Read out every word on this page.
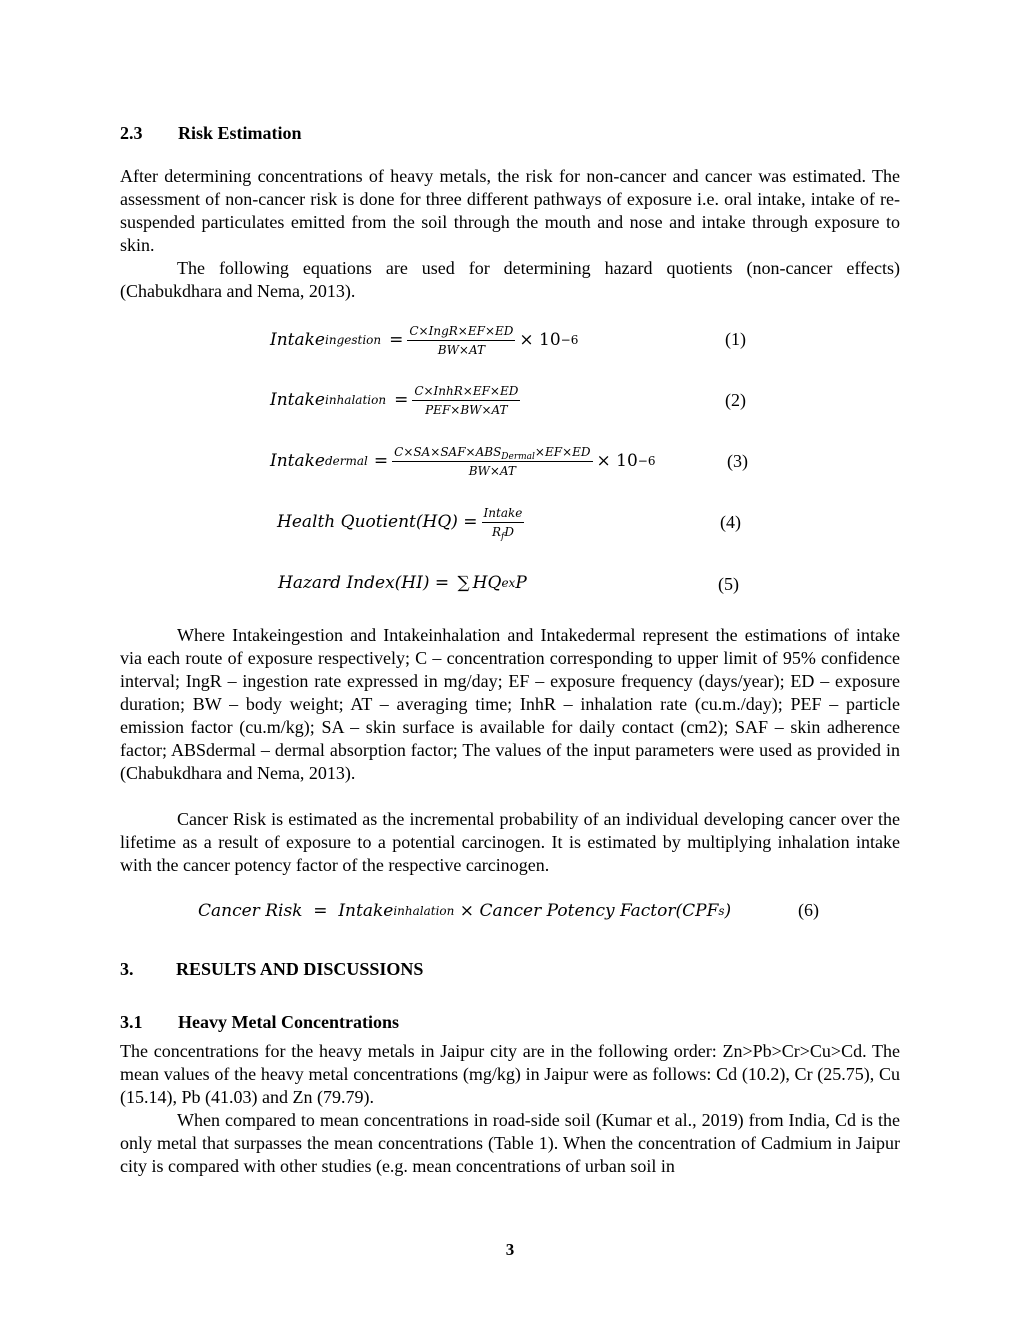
2.3 Risk Estimation

After determining concentrations of heavy metals, the risk for non-cancer and cancer was estimated. The assessment of non-cancer risk is done for three different pathways of exposure i.e. oral intake, intake of re-suspended particulates emitted from the soil through the mouth and nose and intake through exposure to skin.

The following equations are used for determining hazard quotients (non-cancer effects) (Chabukdhara and Nema, 2013).

Intake ingestion = $\frac{\text{C×IngR×EF×ED}}{BW\times AT} \times 10 -6$	(1)
Intake inhalation = $\frac{\text{C×InhR×EF×ED}}{\text{PEF×BW×AT}}$	(2)
Intake dermal = $\frac{C\times SA\times SAF\times ABS_{Dermal}\times EF\times ED}{BW\times AT} \times 10 -6$	(3)
Health Quotient(HQ) = $\frac{\text{Intake}}{R_fD}$	(4)
Hazard Index(HI) = ∑ HQ ex P	(5)

Where Intakeingestion and Intakeinhalation and Intakedermal represent the estimations of intake via each route of exposure respectively; C – concentration corresponding to upper limit of 95% confidence interval; IngR – ingestion rate expressed in mg/day; EF – exposure frequency (days/year); ED – exposure duration; BW – body weight; AT – averaging time; InhR – inhalation rate (cu.m./day); PEF – particle emission factor (cu.m/kg); SA – skin surface is available for daily contact (cm2); SAF – skin adherence factor; ABSdermal – dermal absorption factor; The values of the input parameters were used as provided in (Chabukdhara and Nema, 2013).

Cancer Risk is estimated as the incremental probability of an individual developing cancer over the lifetime as a result of exposure to a potential carcinogen. It is estimated by multiplying inhalation intake with the cancer potency factor of the respective carcinogen.

Cancer Risk  =  Intake inhalation × Cancer Potency Factor(CPF s )	(6)
3. RESULTS AND DISCUSSIONS
3.1 Heavy Metal Concentrations

The concentrations for the heavy metals in Jaipur city are in the following order: Zn>Pb>Cr>Cu>Cd. The mean values of the heavy metal concentrations (mg/kg) in Jaipur were as follows: Cd (10.2), Cr (25.75), Cu (15.14), Pb (41.03) and Zn (79.79).

When compared to mean concentrations in road-side soil (Kumar et al., 2019) from India, Cd is the only metal that surpasses the mean concentrations (Table 1). When the concentration of Cadmium in Jaipur city is compared with other studies (e.g. mean concentrations of urban soil in

3
